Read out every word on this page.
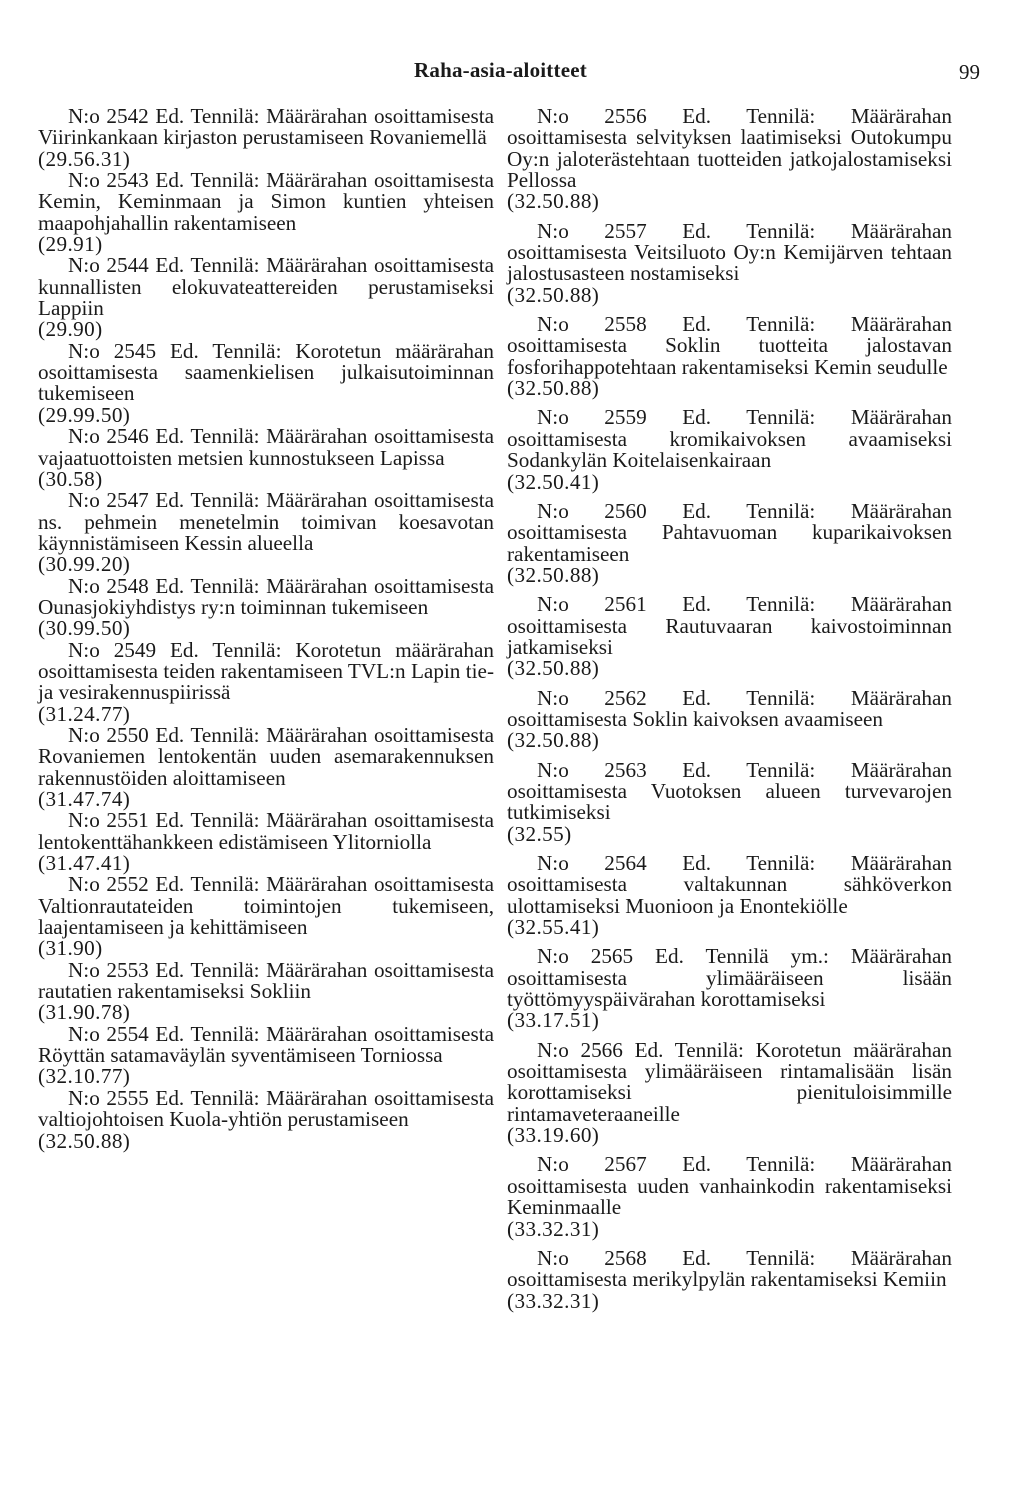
Raha-asia-aloitteet	99

N:o 2542 Ed. Tennilä: Määrärahan osoittamisesta Viirinkankaan kirjaston perustamiseen Rovaniemellä

(29.56.31)

N:o 2543 Ed. Tennilä: Määrärahan osoittamisesta Kemin, Keminmaan ja Simon kuntien yhteisen maapohjahallin rakentamiseen

(29.91)

N:o 2544 Ed. Tennilä: Määrärahan osoittamisesta kunnallisten elokuvateattereiden perustamiseksi Lappiin

(29.90)

N:o 2545 Ed. Tennilä: Korotetun määrärahan osoittamisesta saamenkielisen julkaisutoiminnan tukemiseen

(29.99.50)

N:o 2546 Ed. Tennilä: Määrärahan osoittamisesta vajaatuottoisten metsien kunnostukseen Lapissa

(30.58)

N:o 2547 Ed. Tennilä: Määrärahan osoittamisesta ns. pehmein menetelmin toimivan koesavotan käynnistämiseen Kessin alueella

(30.99.20)

N:o 2548 Ed. Tennilä: Määrärahan osoittamisesta Ounasjokiyhdistys ry:n toiminnan tukemiseen

(30.99.50)

N:o 2549 Ed. Tennilä: Korotetun määrärahan osoittamisesta teiden rakentamiseen TVL:n Lapin tie- ja vesirakennuspiirissä

(31.24.77)

N:o 2550 Ed. Tennilä: Määrärahan osoittamisesta Rovaniemen lentokentän uuden asemarakennuksen rakennustöiden aloittamiseen

(31.47.74)

N:o 2551 Ed. Tennilä: Määrärahan osoittamisesta lentokenttähankkeen edistämiseen Ylitorniolla

(31.47.41)

N:o 2552 Ed. Tennilä: Määrärahan osoittamisesta Valtionrautateiden toimintojen tukemiseen, laajentamiseen ja kehittämiseen

(31.90)

N:o 2553 Ed. Tennilä: Määrärahan osoittamisesta rautatien rakentamiseksi Sokliin

(31.90.78)

N:o 2554 Ed. Tennilä: Määrärahan osoittamisesta Röyttän satamaväylän syventämiseen Torniossa

(32.10.77)

N:o 2555 Ed. Tennilä: Määrärahan osoittamisesta valtiojohtoisen Kuola-yhtiön perustamiseen

(32.50.88)

N:o 2556 Ed. Tennilä: Määrärahan osoittamisesta selvityksen laatimiseksi Outokumpu Oy:n jaloterästehtaan tuotteiden jatkojalostamiseksi Pellossa

(32.50.88)

N:o 2557 Ed. Tennilä: Määrärahan osoittamisesta Veitsiluoto Oy:n Kemijärven tehtaan jalostusasteen nostamiseksi

(32.50.88)

N:o 2558 Ed. Tennilä: Määrärahan osoittamisesta Soklin tuotteita jalostavan fosforihappotehtaan rakentamiseksi Kemin seudulle

(32.50.88)

N:o 2559 Ed. Tennilä: Määrärahan osoittamisesta kromikaivoksen avaamiseksi Sodankylän Koitelaisenkairaan

(32.50.41)

N:o 2560 Ed. Tennilä: Määrärahan osoittamisesta Pahtavuoman kuparikaivoksen rakentamiseen

(32.50.88)

N:o 2561 Ed. Tennilä: Määrärahan osoittamisesta Rautuvaaran kaivostoiminnan jatkamiseksi

(32.50.88)

N:o 2562 Ed. Tennilä: Määrärahan osoittamisesta Soklin kaivoksen avaamiseen

(32.50.88)

N:o 2563 Ed. Tennilä: Määrärahan osoittamisesta Vuotoksen alueen turvevarojen tutkimiseksi

(32.55)

N:o 2564 Ed. Tennilä: Määrärahan osoittamisesta valtakunnan sähköverkon ulottamiseksi Muonioon ja Enontekiölle

(32.55.41)

N:o 2565 Ed. Tennilä ym.: Määrärahan osoittamisesta ylimääräiseen lisään työttömyyspäivärahan korottamiseksi

(33.17.51)

N:o 2566 Ed. Tennilä: Korotetun määrärahan osoittamisesta ylimääräiseen rintamalisään lisän korottamiseksi pienituloisimmille rintamaveteraaneille

(33.19.60)

N:o 2567 Ed. Tennilä: Määrärahan osoittamisesta uuden vanhainkodin rakentamiseksi Keminmaalle

(33.32.31)

N:o 2568 Ed. Tennilä: Määrärahan osoittamisesta merikylpylän rakentamiseksi Kemiin

(33.32.31)
